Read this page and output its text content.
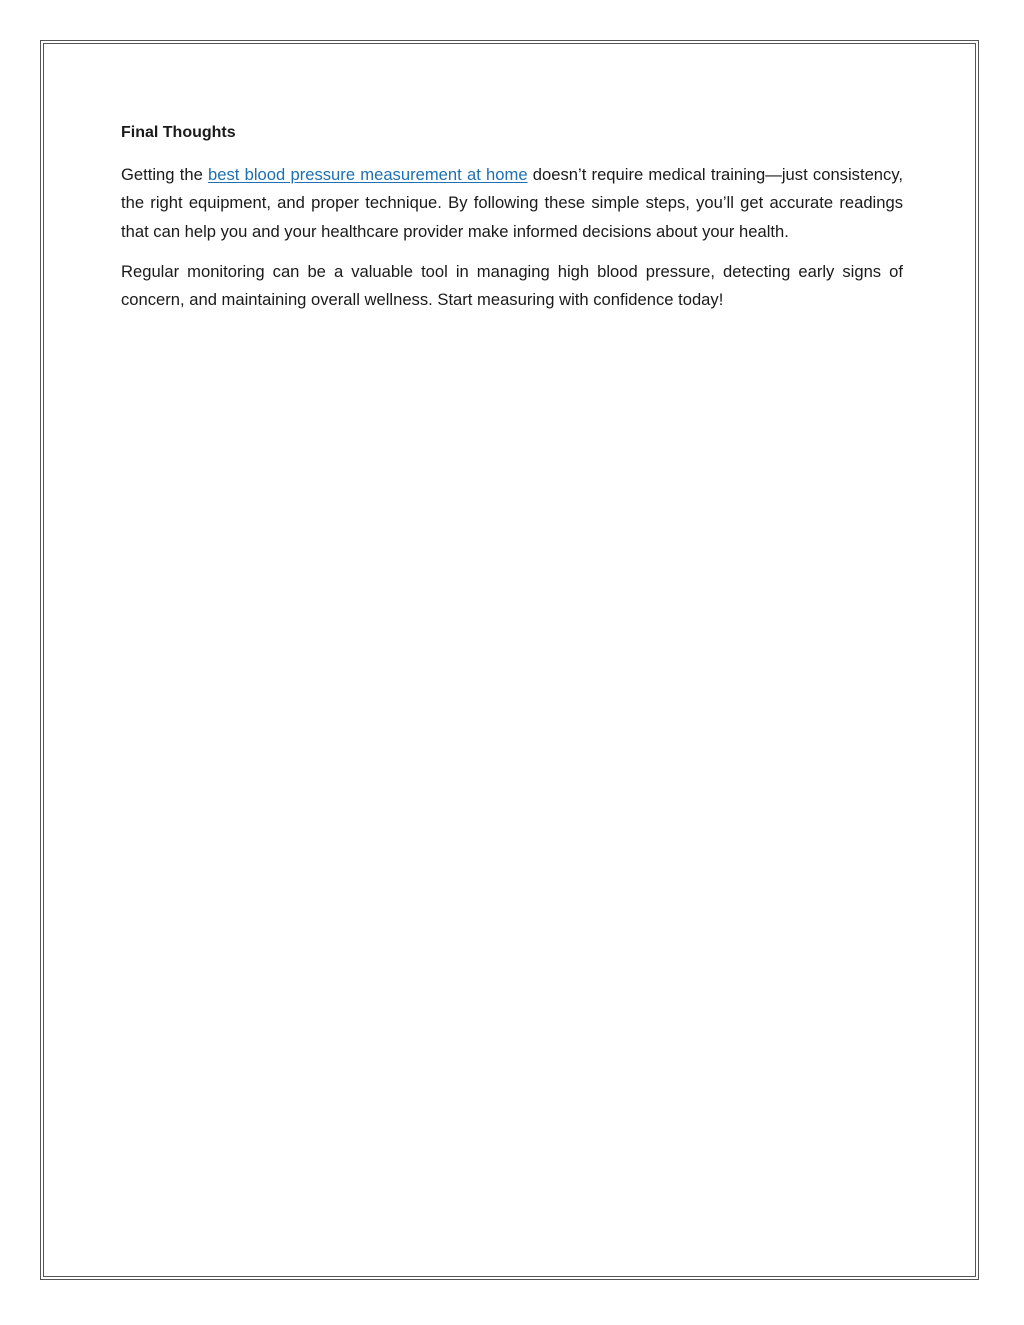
Final Thoughts

Getting the best blood pressure measurement at home doesn’t require medical training—just consistency, the right equipment, and proper technique. By following these simple steps, you’ll get accurate readings that can help you and your healthcare provider make informed decisions about your health.

Regular monitoring can be a valuable tool in managing high blood pressure, detecting early signs of concern, and maintaining overall wellness. Start measuring with confidence today!
